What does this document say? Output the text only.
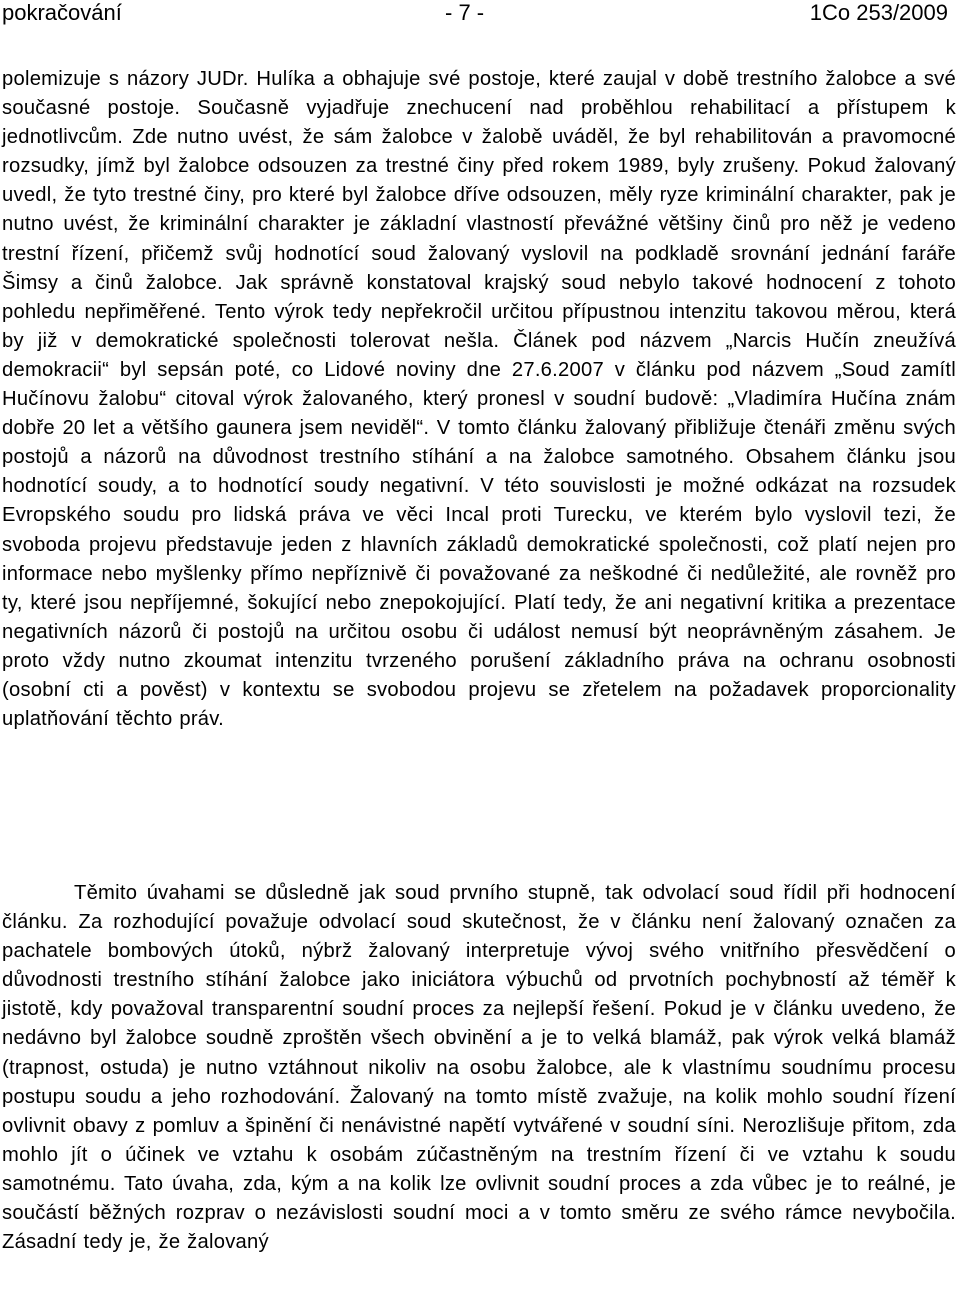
pokračování	- 7 -	1Co 253/2009

polemizuje s názory JUDr. Hulíka a obhajuje své postoje, které zaujal v době trestního žalobce a své současné postoje. Současně vyjadřuje znechucení nad proběhlou rehabilitací a přístupem k jednotlivcům. Zde nutno uvést, že sám žalobce v žalobě uváděl, že byl rehabilitován a pravomocné rozsudky, jímž byl žalobce odsouzen za trestné činy před rokem 1989, byly zrušeny. Pokud žalovaný uvedl, že tyto trestné činy, pro které byl žalobce dříve odsouzen, měly ryze kriminální charakter, pak je nutno uvést, že kriminální charakter je základní vlastností převážné většiny činů pro něž je vedeno trestní řízení, přičemž svůj hodnotící soud žalovaný vyslovil na podkladě srovnání jednání faráře Šimsy a činů žalobce. Jak správně konstatoval krajský soud nebylo takové hodnocení z tohoto pohledu nepřiměřené. Tento výrok tedy nepřekročil určitou přípustnou intenzitu takovou měrou, která by již v demokratické společnosti tolerovat nešla. Článek pod názvem „Narcis Hučín zneužívá demokracii“ byl sepsán poté, co Lidové noviny dne 27.6.2007 v článku pod názvem „Soud zamítl Hučínovu žalobu“ citoval výrok žalovaného, který pronesl v soudní budově: „Vladimíra Hučína znám dobře 20 let a většího gaunera jsem neviděl“. V tomto článku žalovaný přibližuje čtenáři změnu svých postojů a názorů na důvodnost trestního stíhání a na žalobce samotného. Obsahem článku jsou hodnotící soudy, a to hodnotící soudy negativní. V této souvislosti je možné odkázat na rozsudek Evropského soudu pro lidská práva ve věci Incal proti Turecku, ve kterém bylo vyslovil tezi, že svoboda projevu představuje jeden z hlavních základů demokratické společnosti, což platí nejen pro informace nebo myšlenky přímo nepříznivě či považované za neškodné či nedůležité, ale rovněž pro ty, které jsou nepříjemné, šokující nebo znepokojující. Platí tedy, že ani negativní kritika a prezentace negativních názorů či postojů na určitou osobu či událost nemusí být neoprávněným zásahem. Je proto vždy nutno zkoumat intenzitu tvrzeného porušení základního práva na ochranu osobnosti (osobní cti a pověst) v kontextu se svobodou projevu se zřetelem na požadavek proporcionality uplatňování těchto práv.

Těmito úvahami se důsledně jak soud prvního stupně, tak odvolací soud řídil při hodnocení článku. Za rozhodující považuje odvolací soud skutečnost, že v článku není žalovaný označen za pachatele bombových útoků, nýbrž žalovaný interpretuje vývoj svého vnitřního přesvědčení o důvodnosti trestního stíhání žalobce jako iniciátora výbuchů od prvotních pochybností až téměř k jistotě, kdy považoval transparentní soudní proces za nejlepší řešení. Pokud je v článku uvedeno, že nedávno byl žalobce soudně zproštěn všech obvinění a je to velká blamáž, pak výrok velká blamáž (trapnost, ostuda) je nutno vztáhnout nikoliv na osobu žalobce, ale k vlastnímu soudnímu procesu postupu soudu a jeho rozhodování. Žalovaný na tomto místě zvažuje, na kolik mohlo soudní řízení ovlivnit obavy z pomluv a špinění či nenávistné napětí vytvářené v soudní síni. Nerozlišuje přitom, zda mohlo jít o účinek ve vztahu k osobám zúčastněným na trestním řízení či ve vztahu k soudu samotnému. Tato úvaha, zda, kým a na kolik lze ovlivnit soudní proces a zda vůbec je to reálné, je součástí běžných rozprav o nezávislosti soudní moci a v tomto směru ze svého rámce nevybočila. Zásadní tedy je, že žalovaný
